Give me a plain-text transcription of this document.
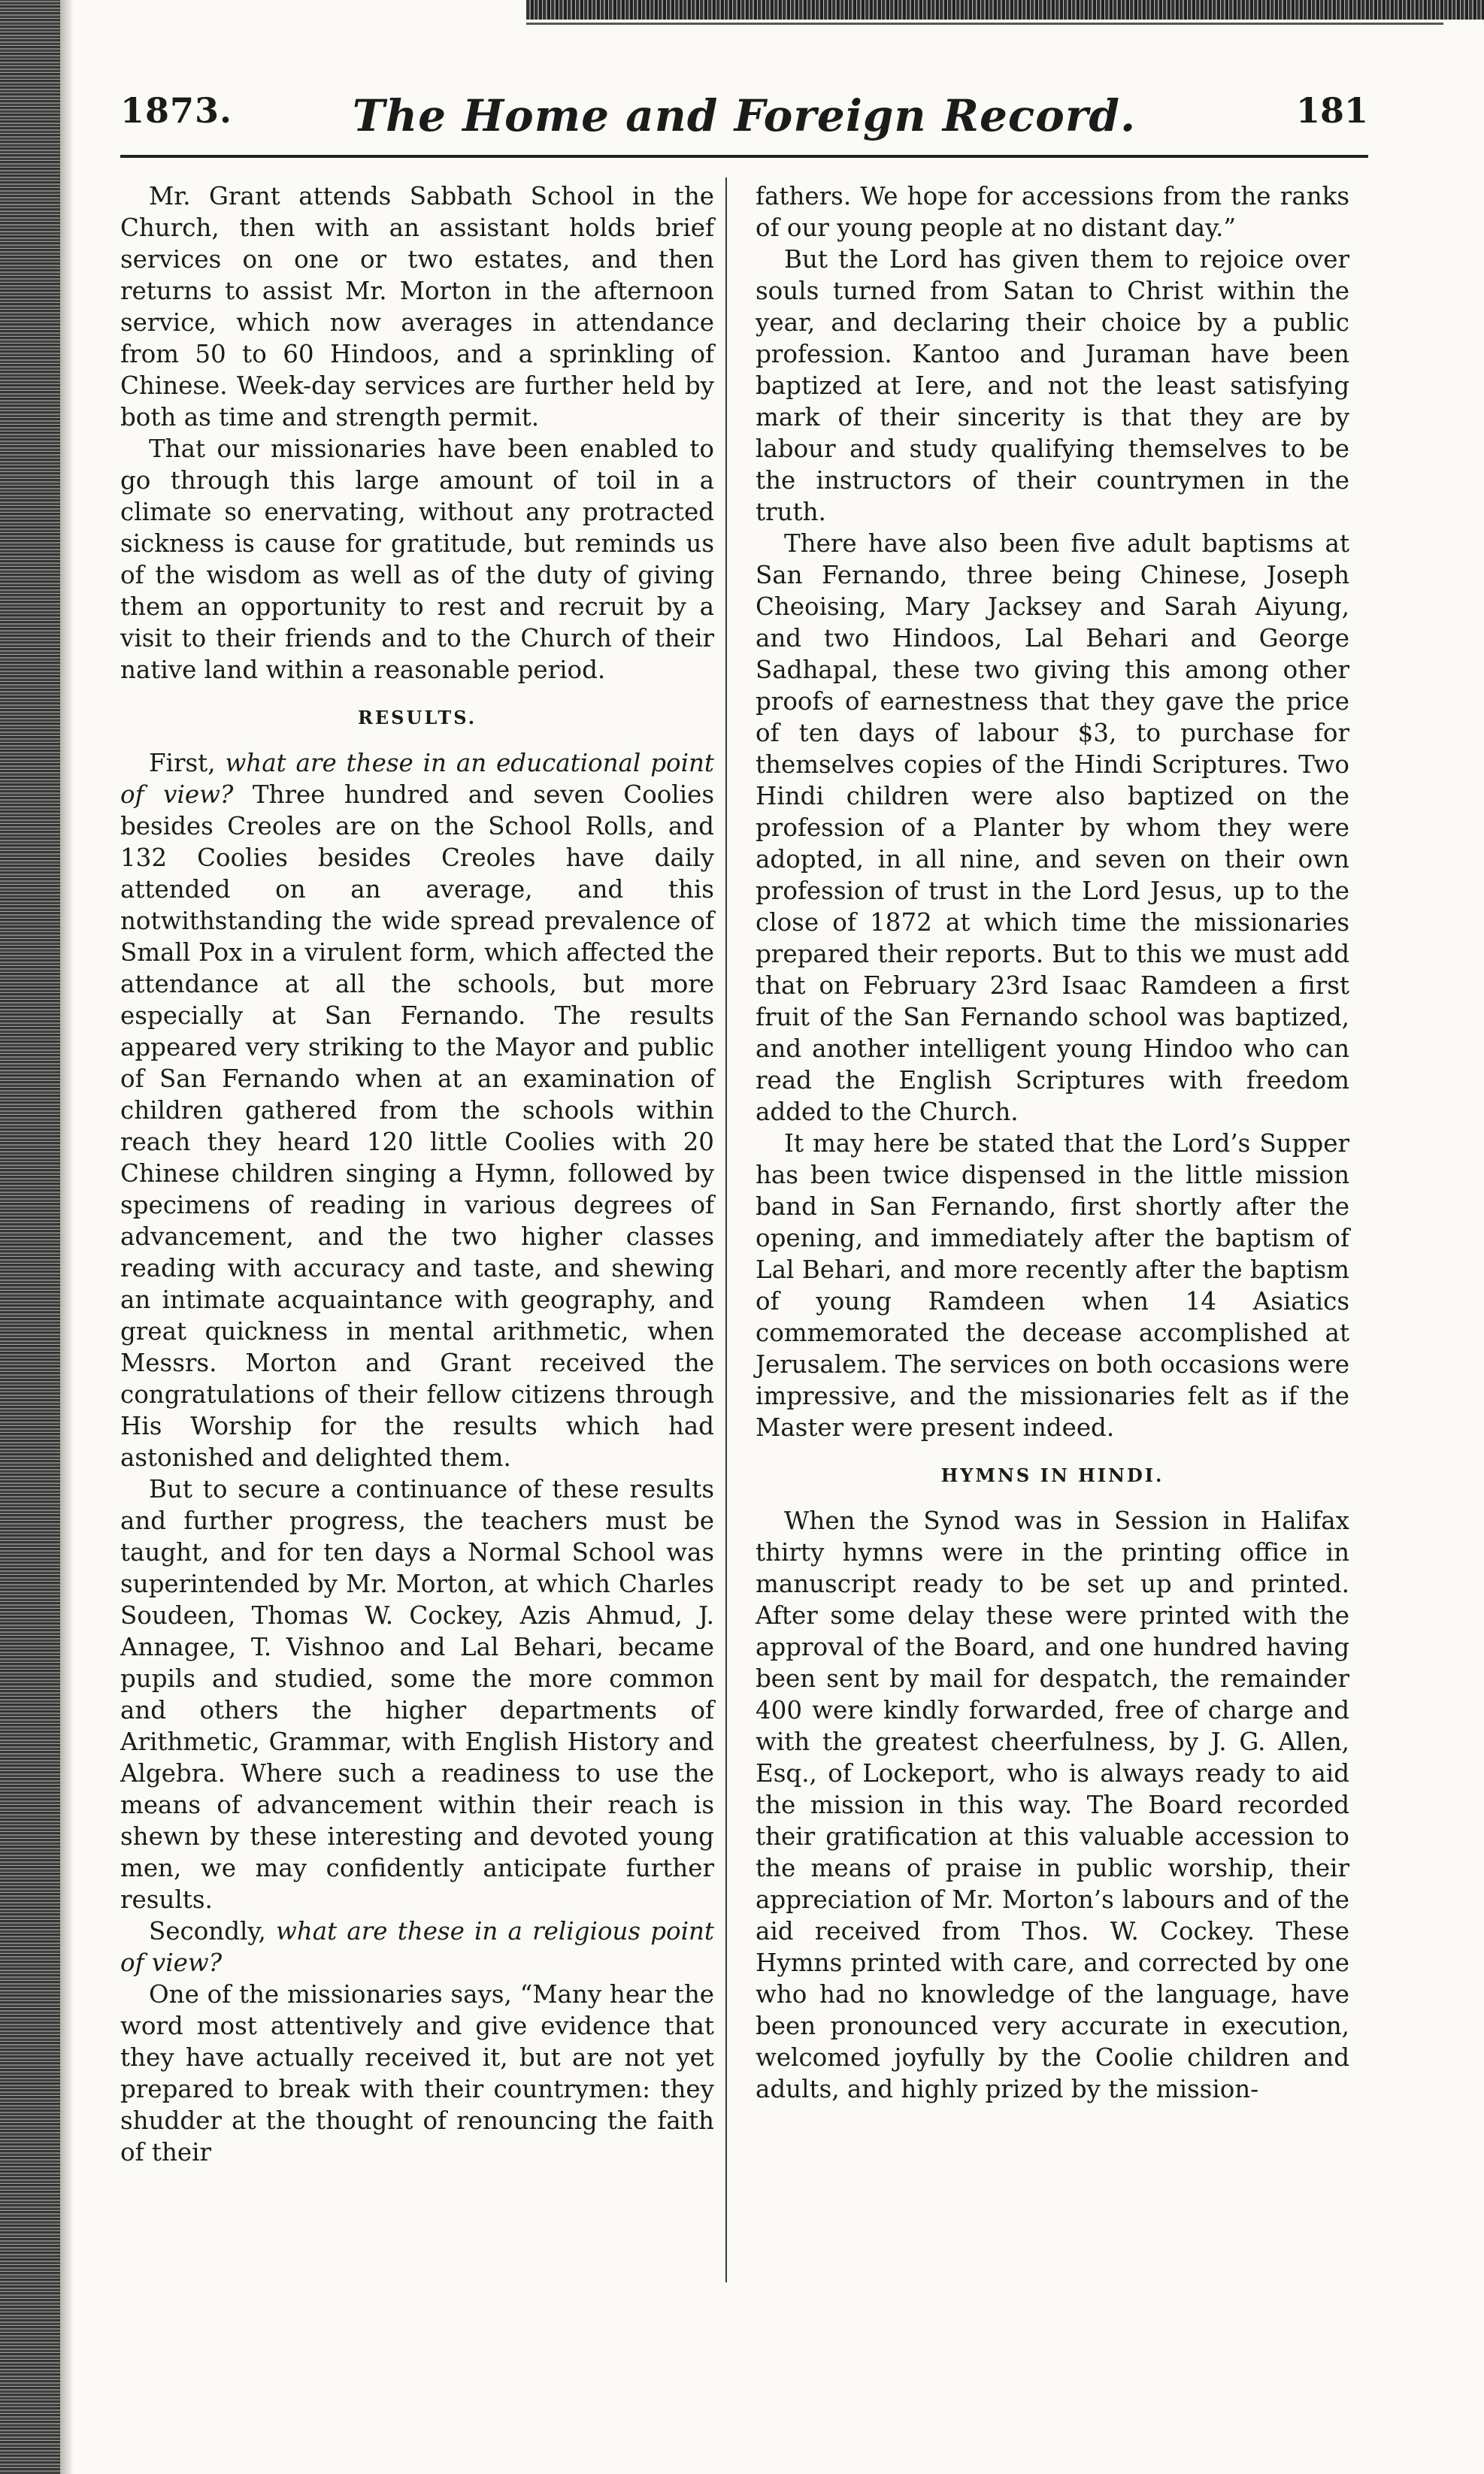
1873.	The Home and Foreign Record.	181

Mr. Grant attends Sabbath School in the Church, then with an assistant holds brief services on one or two estates, and then returns to assist Mr. Morton in the afternoon service, which now averages in attendance from 50 to 60 Hindoos, and a sprinkling of Chinese. Week-day services are further held by both as time and strength permit.

That our missionaries have been enabled to go through this large amount of toil in a climate so enervating, without any protracted sickness is cause for gratitude, but reminds us of the wisdom as well as of the duty of giving them an opportunity to rest and recruit by a visit to their friends and to the Church of their native land within a reasonable period.

RESULTS.

First, what are these in an educational point of view? Three hundred and seven Coolies besides Creoles are on the School Rolls, and 132 Coolies besides Creoles have daily attended on an average, and this notwithstanding the wide spread prevalence of Small Pox in a virulent form, which affected the attendance at all the schools, but more especially at San Fernando. The results appeared very striking to the Mayor and public of San Fernando when at an examination of children gathered from the schools within reach they heard 120 little Coolies with 20 Chinese children singing a Hymn, followed by specimens of reading in various degrees of advancement, and the two higher classes reading with accuracy and taste, and shewing an intimate acquaintance with geography, and great quickness in mental arithmetic, when Messrs. Morton and Grant received the congratulations of their fellow citizens through His Worship for the results which had astonished and delighted them.

But to secure a continuance of these results and further progress, the teachers must be taught, and for ten days a Normal School was superintended by Mr. Morton, at which Charles Soudeen, Thomas W. Cockey, Azis Ahmud, J. Annagee, T. Vishnoo and Lal Behari, became pupils and studied, some the more common and others the higher departments of Arithmetic, Grammar, with English History and Algebra. Where such a readiness to use the means of advancement within their reach is shewn by these interesting and devoted young men, we may confidently anticipate further results.

Secondly, what are these in a religious point of view?

One of the missionaries says, “Many hear the word most attentively and give evidence that they have actually received it, but are not yet prepared to break with their countrymen: they shudder at the thought of renouncing the faith of their

fathers. We hope for accessions from the ranks of our young people at no distant day.”

But the Lord has given them to rejoice over souls turned from Satan to Christ within the year, and declaring their choice by a public profession. Kantoo and Juraman have been baptized at Iere, and not the least satisfying mark of their sincerity is that they are by labour and study qualifying themselves to be the instructors of their countrymen in the truth.

There have also been five adult baptisms at San Fernando, three being Chinese, Joseph Cheoising, Mary Jacksey and Sarah Aiyung, and two Hindoos, Lal Behari and George Sadhapal, these two giving this among other proofs of earnestness that they gave the price of ten days of labour $3, to purchase for themselves copies of the Hindi Scriptures. Two Hindi children were also baptized on the profession of a Planter by whom they were adopted, in all nine, and seven on their own profession of trust in the Lord Jesus, up to the close of 1872 at which time the missionaries prepared their reports. But to this we must add that on February 23rd Isaac Ramdeen a first fruit of the San Fernando school was baptized, and another intelligent young Hindoo who can read the English Scriptures with freedom added to the Church.

It may here be stated that the Lord’s Supper has been twice dispensed in the little mission band in San Fernando, first shortly after the opening, and immediately after the baptism of Lal Behari, and more recently after the baptism of young Ramdeen when 14 Asiatics commemorated the decease accomplished at Jerusalem. The services on both occasions were impressive, and the missionaries felt as if the Master were present indeed.

HYMNS IN HINDI.

When the Synod was in Session in Halifax thirty hymns were in the printing office in manuscript ready to be set up and printed. After some delay these were printed with the approval of the Board, and one hundred having been sent by mail for despatch, the remainder 400 were kindly forwarded, free of charge and with the greatest cheerfulness, by J. G. Allen, Esq., of Lockeport, who is always ready to aid the mission in this way. The Board recorded their gratification at this valuable accession to the means of praise in public worship, their appreciation of Mr. Morton’s labours and of the aid received from Thos. W. Cockey. These Hymns printed with care, and corrected by one who had no knowledge of the language, have been pronounced very accurate in execution, welcomed joyfully by the Coolie children and adults, and highly prized by the mission-
